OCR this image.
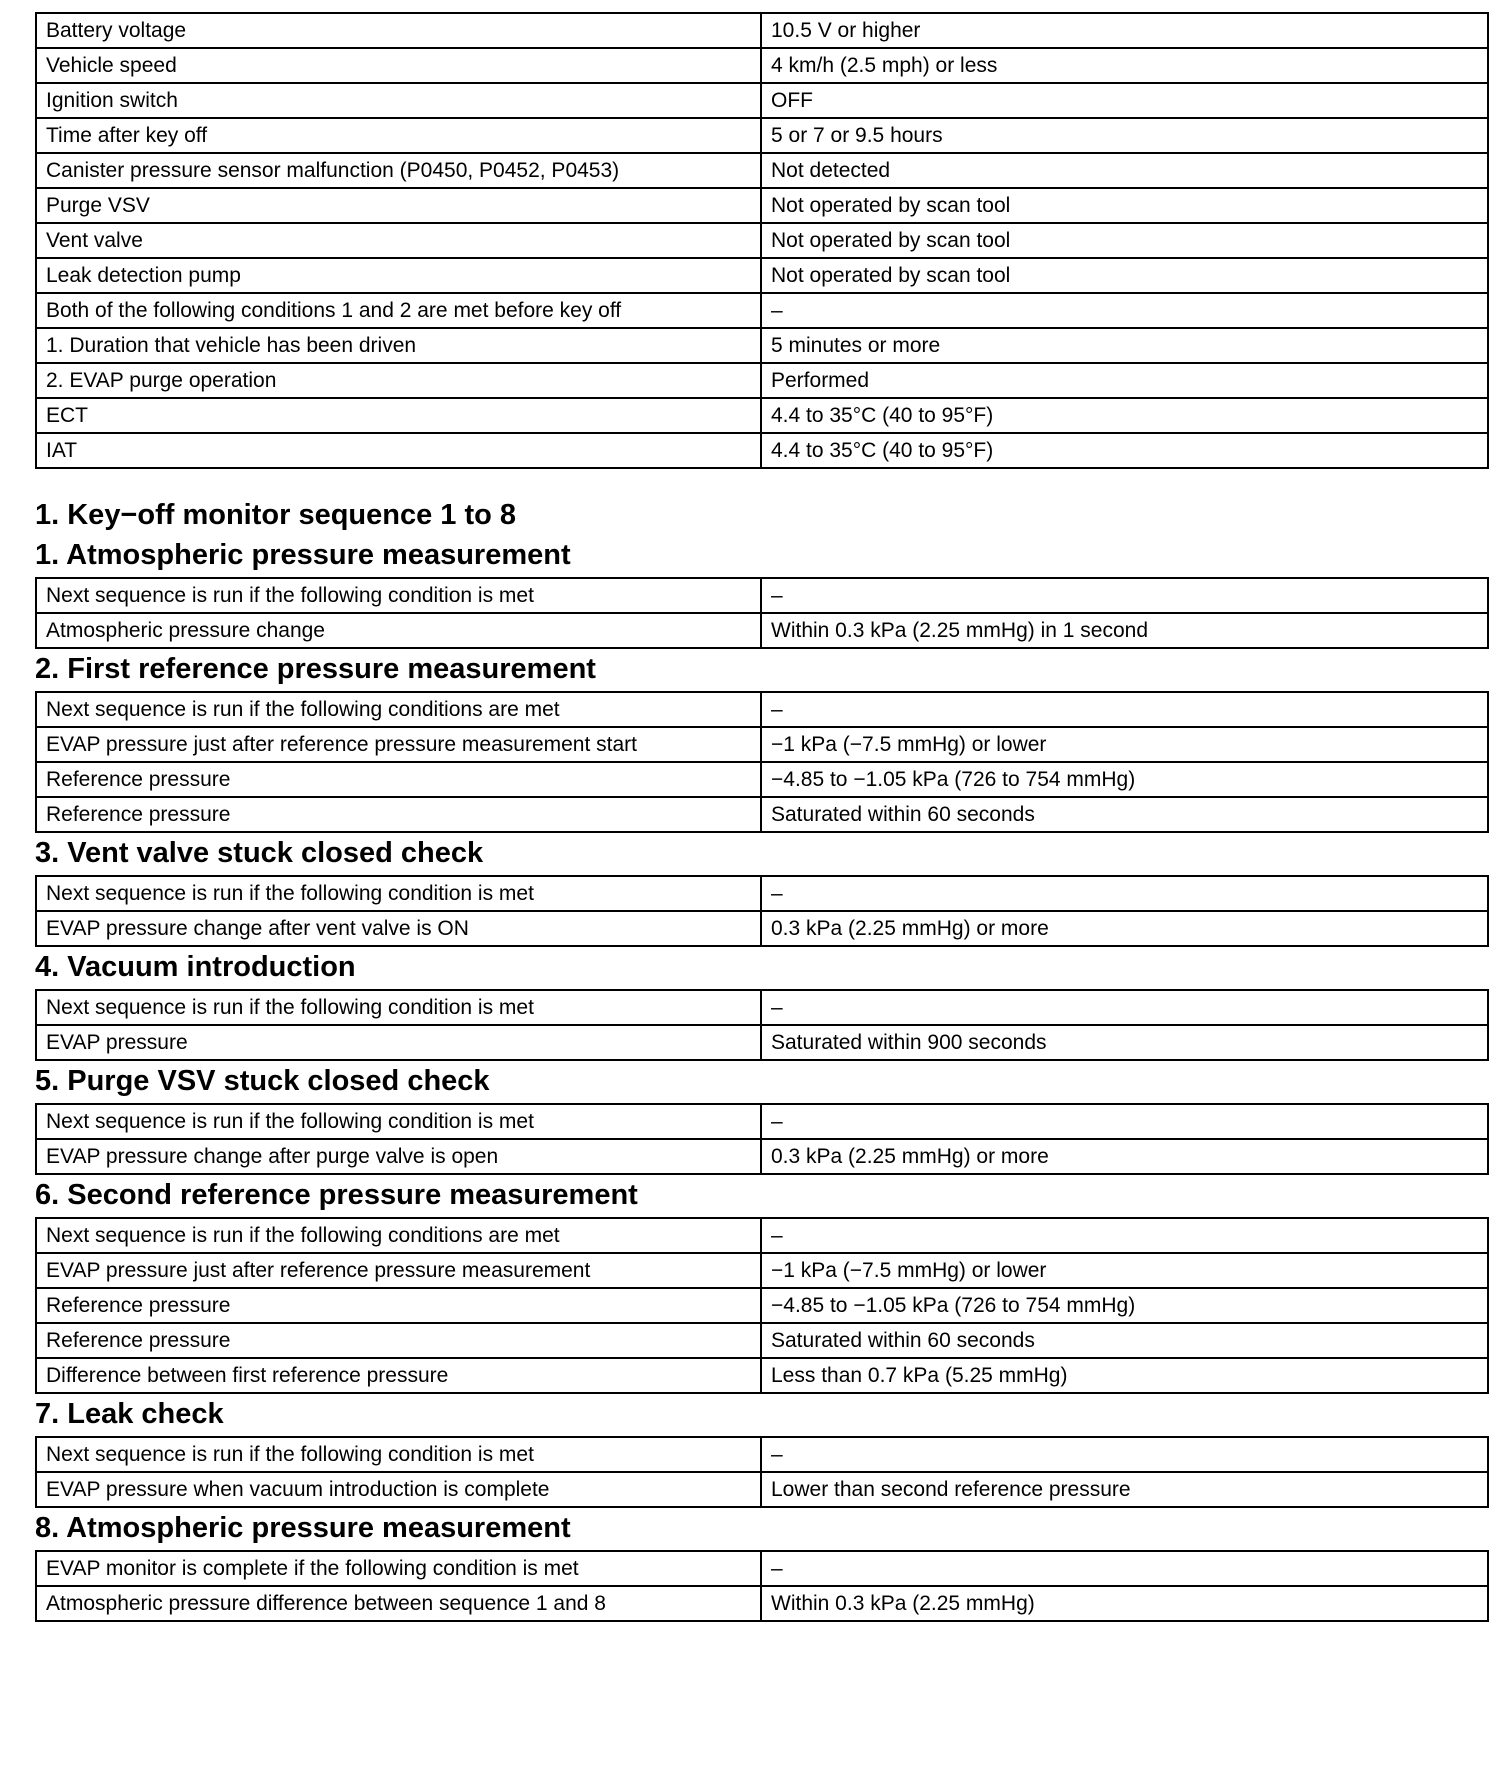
Battery voltage	10.5 V or higher
Vehicle speed	4 km/h (2.5 mph) or less
Ignition switch	OFF
Time after key off	5 or 7 or 9.5 hours
Canister pressure sensor malfunction (P0450, P0452, P0453)	Not detected
Purge VSV	Not operated by scan tool
Vent valve	Not operated by scan tool
Leak detection pump	Not operated by scan tool
Both of the following conditions 1 and 2 are met before key off	–
1. Duration that vehicle has been driven	5 minutes or more
2. EVAP purge operation	Performed
ECT	4.4 to 35°C (40 to 95°F)
IAT	4.4 to 35°C (40 to 95°F)
1. Key−off monitor sequence 1 to 8
1. Atmospheric pressure measurement
Next sequence is run if the following condition is met	–
Atmospheric pressure change	Within 0.3 kPa (2.25 mmHg) in 1 second
2. First reference pressure measurement
Next sequence is run if the following conditions are met	–
EVAP pressure just after reference pressure measurement start	−1 kPa (−7.5 mmHg) or lower
Reference pressure	−4.85 to −1.05 kPa (726 to 754 mmHg)
Reference pressure	Saturated within 60 seconds
3. Vent valve stuck closed check
Next sequence is run if the following condition is met	–
EVAP pressure change after vent valve is ON	0.3 kPa (2.25 mmHg) or more
4. Vacuum introduction
Next sequence is run if the following condition is met	–
EVAP pressure	Saturated within 900 seconds
5. Purge VSV stuck closed check
Next sequence is run if the following condition is met	–
EVAP pressure change after purge valve is open	0.3 kPa (2.25 mmHg) or more
6. Second reference pressure measurement
Next sequence is run if the following conditions are met	–
EVAP pressure just after reference pressure measurement	−1 kPa (−7.5 mmHg) or lower
Reference pressure	−4.85 to −1.05 kPa (726 to 754 mmHg)
Reference pressure	Saturated within 60 seconds
Difference between first reference pressure	Less than 0.7 kPa (5.25 mmHg)
7. Leak check
Next sequence is run if the following condition is met	–
EVAP pressure when vacuum introduction is complete	Lower than second reference pressure
8. Atmospheric pressure measurement
EVAP monitor is complete if the following condition is met	–
Atmospheric pressure difference between sequence 1 and 8	Within 0.3 kPa (2.25 mmHg)
